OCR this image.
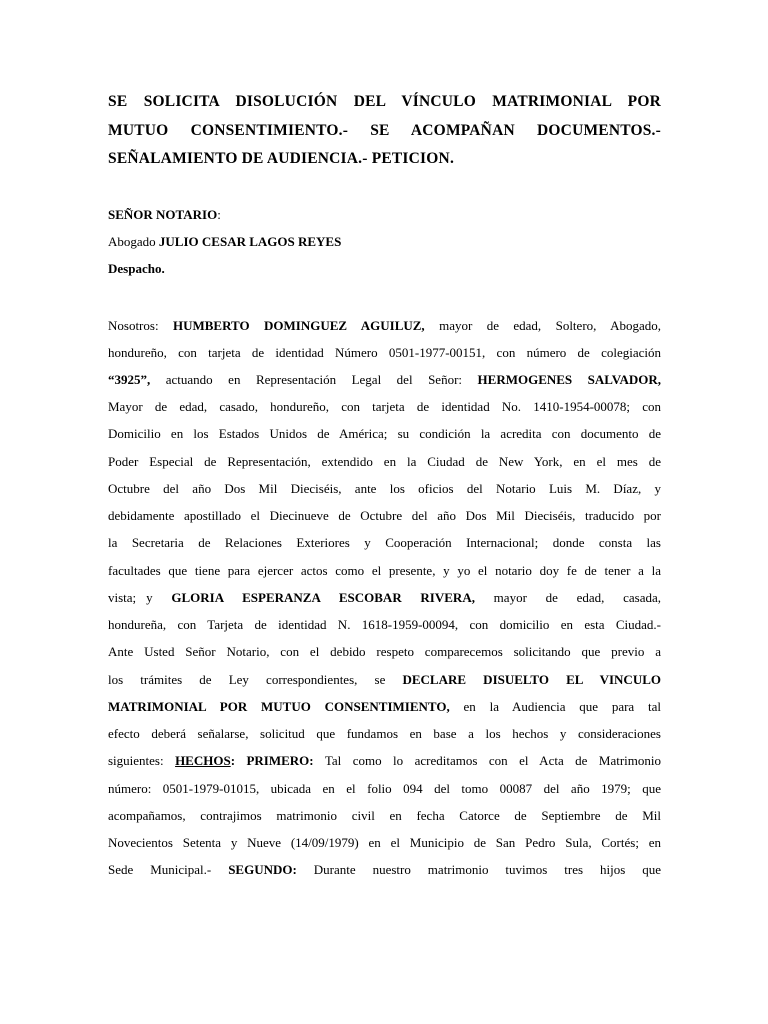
SE SOLICITA DISOLUCIÓN DEL VÍNCULO MATRIMONIAL POR
MUTUO CONSENTIMIENTO.- SE ACOMPAÑAN DOCUMENTOS.-
SEÑALAMIENTO DE AUDIENCIA.- PETICION.
SEÑOR NOTARIO:
Abogado JULIO CESAR LAGOS REYES
Despacho.
Nosotros: HUMBERTO DOMINGUEZ AGUILUZ, mayor de edad, Soltero, Abogado,
hondureño, con tarjeta de identidad Número 0501-1977-00151, con número de colegiación
“3925”, actuando en Representación Legal del Señor: HERMOGENES SALVADOR,
Mayor de edad, casado, hondureño, con tarjeta de identidad No. 1410-1954-00078; con
Domicilio en los Estados Unidos de América; su condición la acredita con documento de
Poder Especial de Representación, extendido en la Ciudad de New York, en el mes de
Octubre del año Dos Mil Dieciséis, ante los oficios del Notario Luis M. Díaz, y
debidamente apostillado el Diecinueve de Octubre del año Dos Mil Dieciséis, traducido por
la Secretaria de Relaciones Exteriores y Cooperación Internacional; donde consta las
facultades que tiene para ejercer actos como el presente, y yo el notario doy fe de tener a la
vista; y GLORIA ESPERANZA ESCOBAR RIVERA, mayor de edad, casada,
hondureña, con Tarjeta de identidad N. 1618-1959-00094, con domicilio en esta Ciudad.-
Ante Usted Señor Notario, con el debido respeto comparecemos solicitando que previo a
los trámites de Ley correspondientes, se DECLARE DISUELTO EL VINCULO
MATRIMONIAL POR MUTUO CONSENTIMIENTO, en la Audiencia que para tal
efecto deberá señalarse, solicitud que fundamos en base a los hechos y consideraciones
siguientes: HECHOS: PRIMERO: Tal como lo acreditamos con el Acta de Matrimonio
número: 0501-1979-01015, ubicada en el folio 094 del tomo 00087 del año 1979; que
acompañamos, contrajimos matrimonio civil en fecha Catorce de Septiembre de Mil
Novecientos Setenta y Nueve (14/09/1979) en el Municipio de San Pedro Sula, Cortés; en
Sede Municipal.- SEGUNDO: Durante nuestro matrimonio tuvimos tres hijos que
